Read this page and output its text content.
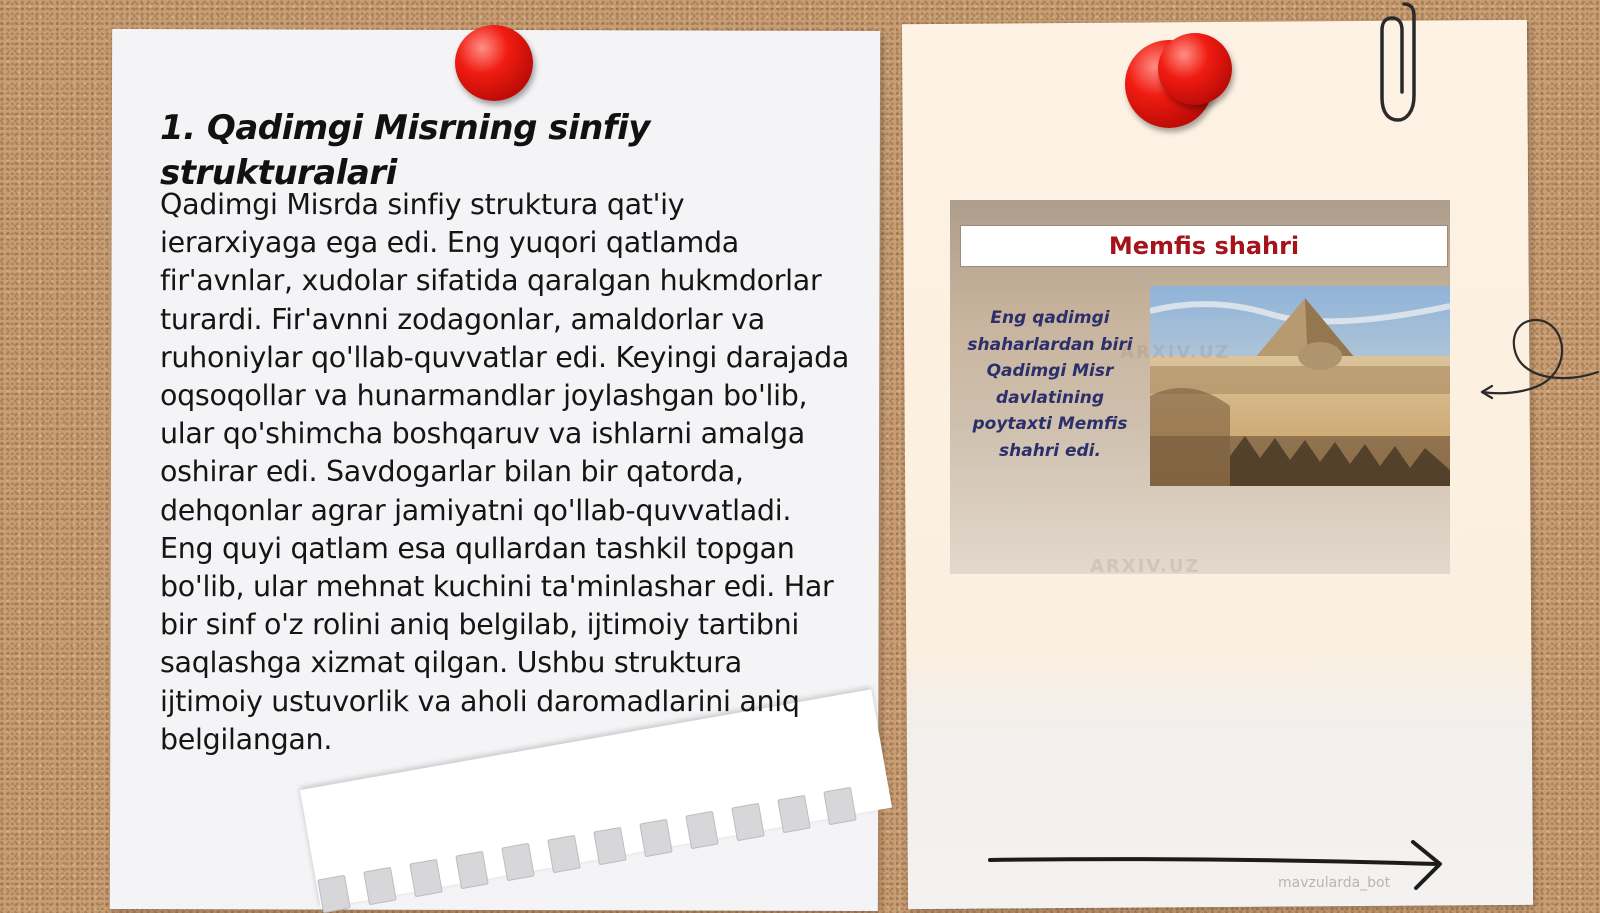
1. Qadimgi Misrning sinfiy strukturalari

Qadimgi Misrda sinfiy struktura qat'iy ierarxiyaga ega edi. Eng yuqori qatlamda fir'avnlar, xudolar sifatida qaralgan hukmdorlar turardi. Fir'avnni zodagonlar, amaldorlar va ruhoniylar qo'llab-quvvatlar edi. Keyingi darajada oqsoqollar va hunarmandlar joylashgan bo'lib, ular qo'shimcha boshqaruv va ishlarni amalga oshirar edi. Savdogarlar bilan bir qatorda, dehqonlar agrar jamiyatni qo'llab-quvvatladi. Eng quyi qatlam esa qullardan tashkil topgan bo'lib, ular mehnat kuchini ta'minlashar edi. Har bir sinf o'z rolini aniq belgilab, ijtimoiy tartibni saqlashga xizmat qilgan. Ushbu struktura ijtimoiy ustuvorlik va aholi daromadlarini aniq belgilangan.

Memfis shahri
Eng qadimgi shaharlardan biri Qadimgi Misr davlatining poytaxti Memfis shahri edi.
ARXIV.UZ
ARXIV.UZ
mavzularda_bot
